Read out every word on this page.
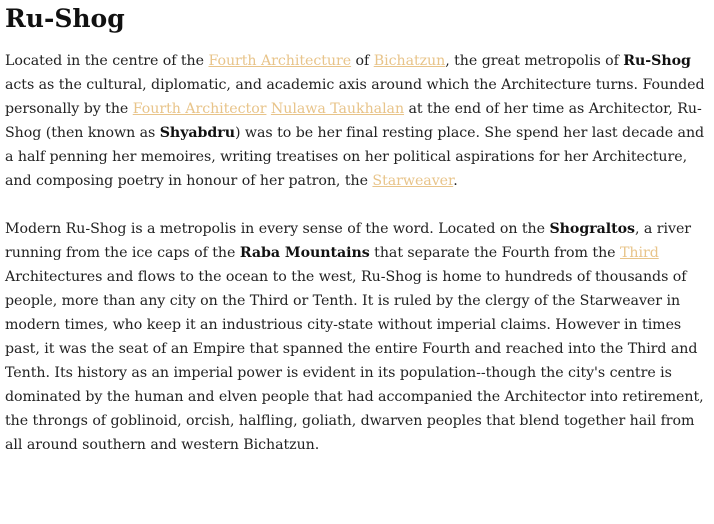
Ru-Shog

Located in the centre of the Fourth Architecture of Bichatzun, the great metropolis of Ru-Shog acts as the cultural, diplomatic, and academic axis around which the Architecture turns. Founded personally by the Fourth Architector Nulawa Taukhalan at the end of her time as Architector, Ru-Shog (then known as Shyabdru) was to be her final resting place. She spend her last decade and a half penning her memoires, writing treatises on her political aspirations for her Architecture, and composing poetry in honour of her patron, the Starweaver.

Modern Ru-Shog is a metropolis in every sense of the word. Located on the Shograltos, a river running from the ice caps of the Raba Mountains that separate the Fourth from the Third Architectures and flows to the ocean to the west, Ru-Shog is home to hundreds of thousands of people, more than any city on the Third or Tenth. It is ruled by the clergy of the Starweaver in modern times, who keep it an industrious city-state without imperial claims. However in times past, it was the seat of an Empire that spanned the entire Fourth and reached into the Third and Tenth. Its history as an imperial power is evident in its population--though the city's centre is dominated by the human and elven people that had accompanied the Architector into retirement, the throngs of goblinoid, orcish, halfling, goliath, dwarven peoples that blend together hail from all around southern and western Bichatzun.
